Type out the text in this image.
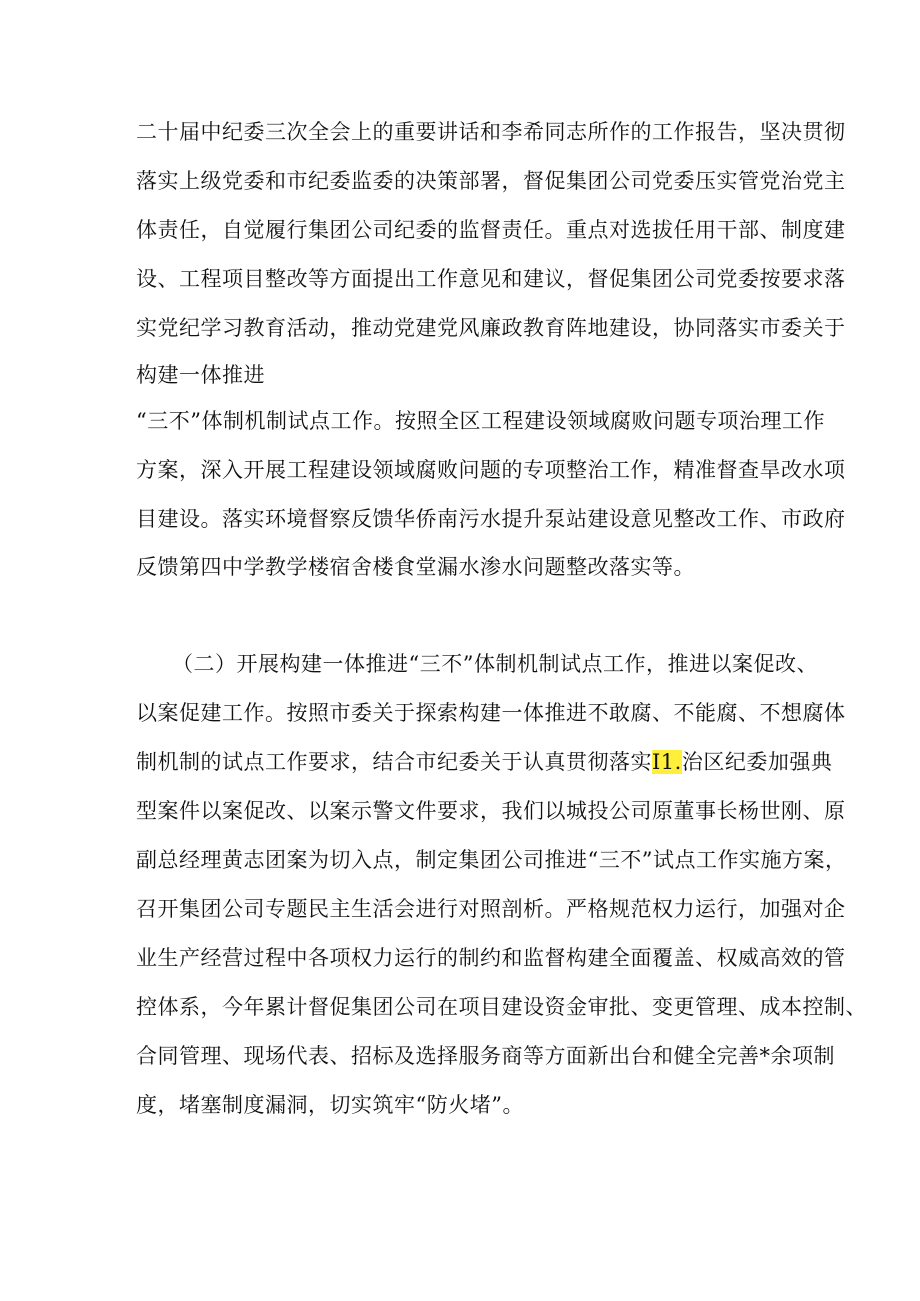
二十届中纪委三次全会上的重要讲话和李希同志所作的工作报告，坚决贯彻
落实上级党委和市纪委监委的决策部署，督促集团公司党委压实管党治党主
体责任，自觉履行集团公司纪委的监督责任。重点对选拔任用干部、制度建
设、工程项目整改等方面提出工作意见和建议，督促集团公司党委按要求落
实党纪学习教育活动，推动党建党风廉政教育阵地建设，协同落实市委关于
构建一体推进
“三不”体制机制试点工作。按照全区工程建设领域腐败问题专项治理工作
方案，深入开展工程建设领域腐败问题的专项整治工作，精准督查旱改水项
目建设。落实环境督察反馈华侨南污水提升泵站建设意见整改工作、市政府
反馈第四中学教学楼宿舍楼食堂漏水渗水问题整改落实等。
（二）开展构建一体推进“三不”体制机制试点工作，推进以案促改、
以案促建工作。按照市委关于探索构建一体推进不敢腐、不能腐、不想腐体
制机制的试点工作要求，结合市纪委关于认真贯彻落实I1.治区纪委加强典
型案件以案促改、以案示警文件要求，我们以城投公司原董事长杨世刚、原
副总经理黄志团案为切入点，制定集团公司推进“三不”试点工作实施方案，
召开集团公司专题民主生活会进行对照剖析。严格规范权力运行，加强对企
业生产经营过程中各项权力运行的制约和监督构建全面覆盖、权威高效的管
控体系，今年累计督促集团公司在项目建设资金审批、变更管理、成本控制、
合同管理、现场代表、招标及选择服务商等方面新出台和健全完善*余项制
度，堵塞制度漏洞，切实筑牢“防火堵”。
